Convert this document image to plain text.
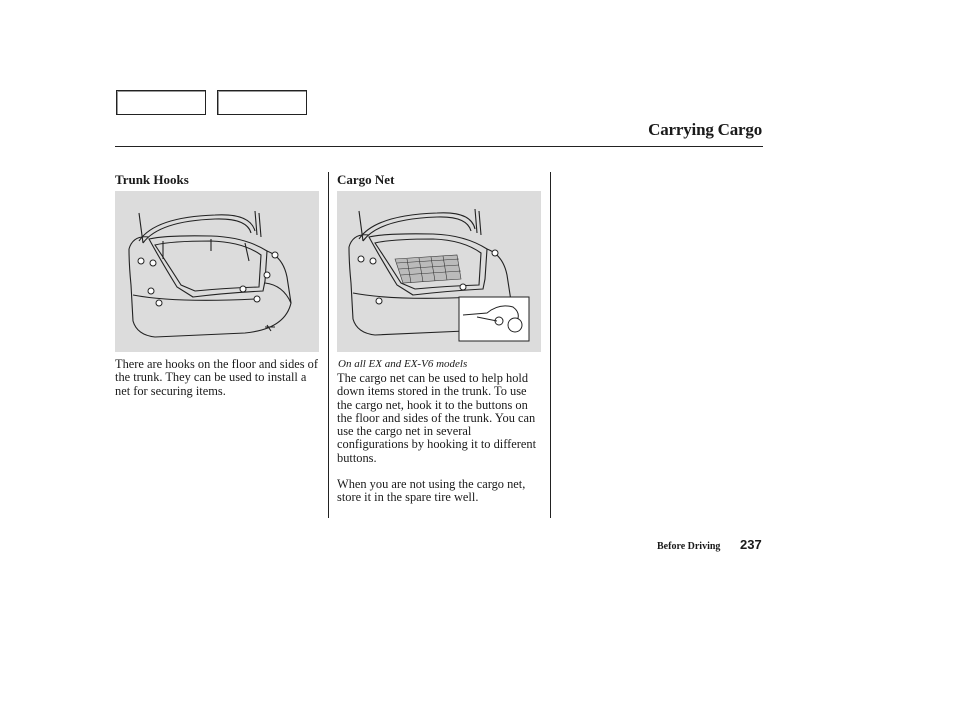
Carrying Cargo
Trunk Hooks
There are hooks on the floor and sides of the trunk. They can be used to install a net for securing items.
Cargo Net
On all EX and EX-V6 models
The cargo net can be used to help hold down items stored in the trunk. To use the cargo net, hook it to the buttons on the floor and sides of the trunk. You can use the cargo net in several configurations by hooking it to different buttons.
When you are not using the cargo net, store it in the spare tire well.
Before Driving 237
